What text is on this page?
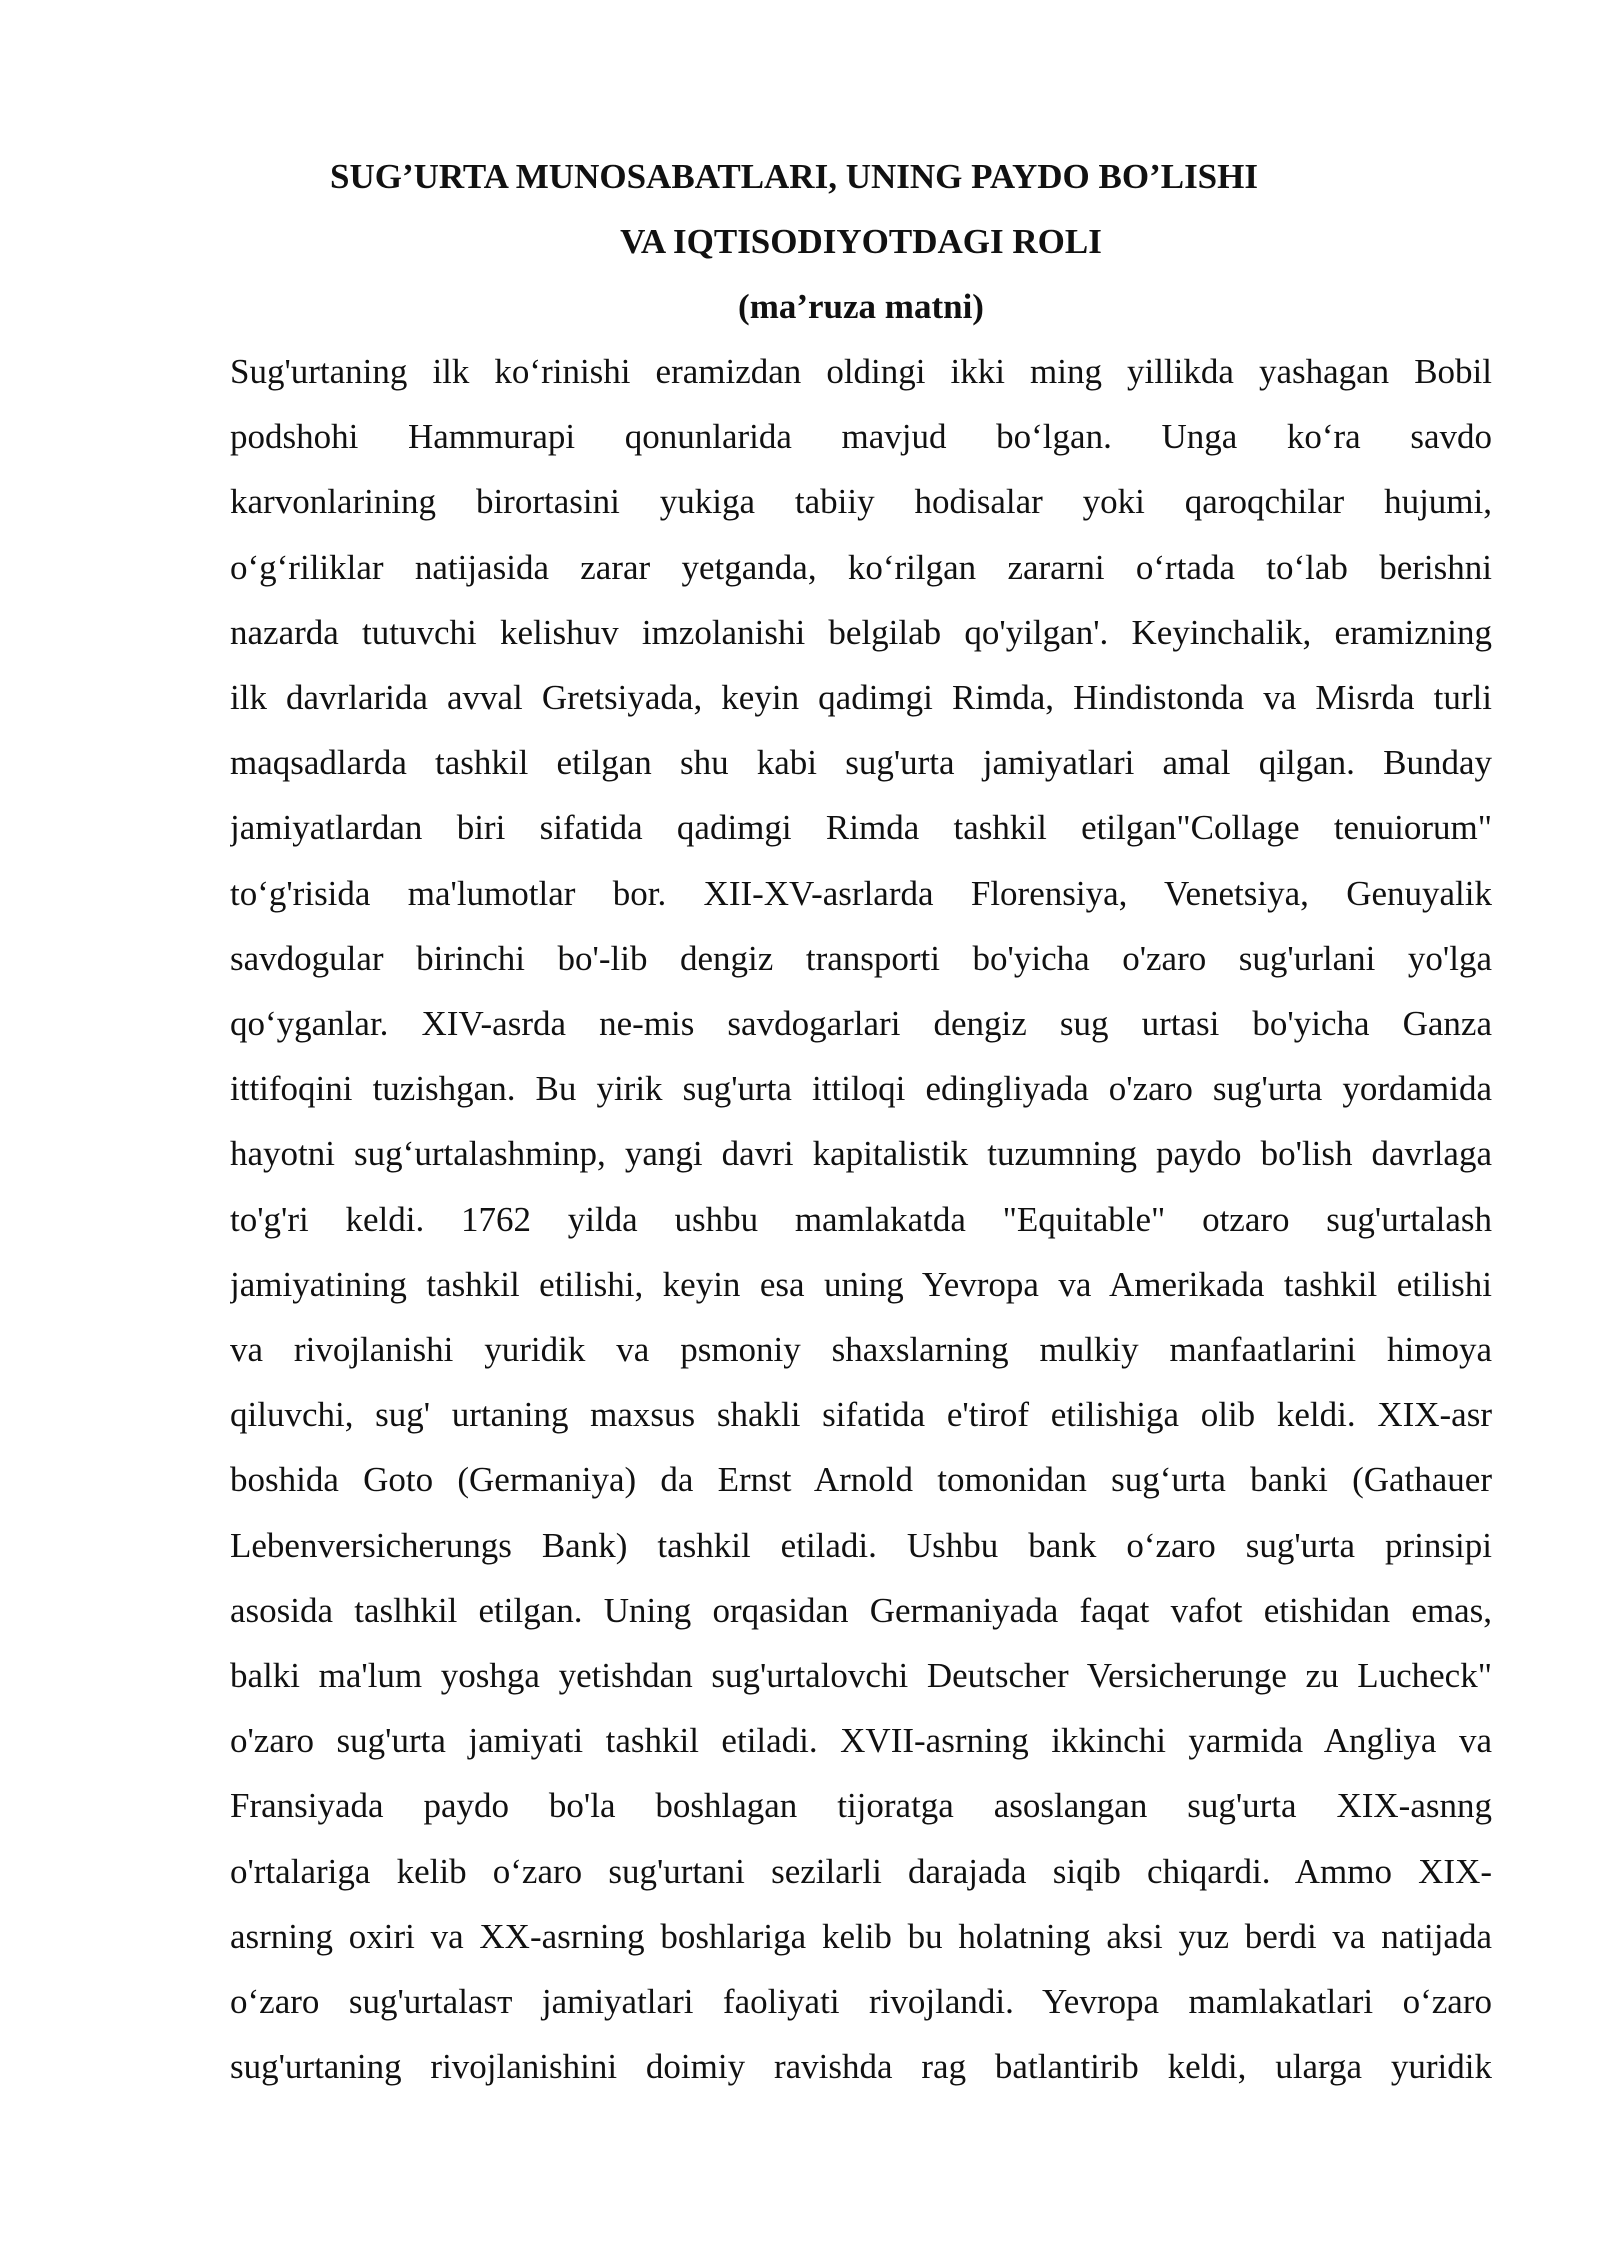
SUG’URTA MUNOSABATLARI, UNING PAYDO BO’LISHI
VA IQTISODIYOTDAGI ROLI
(ma’ruza matni)
Sug'urtaning ilk ko‘rinishi eramizdan oldingi ikki ming yillikda yashagan Bobil
podshohi Hammurapi qonunlarida mavjud bo‘lgan. Unga ko‘ra savdo
karvonlarining birortasini yukiga tabiiy hodisalar yoki qaroqchilar hujumi,
o‘g‘riliklar natijasida zarar yetganda, ko‘rilgan zararni o‘rtada to‘lab berishni
nazarda tutuvchi kelishuv imzolanishi belgilab qo'yilgan'. Keyinchalik, eramizning
ilk davrlarida avval Gretsiyada, keyin qadimgi Rimda, Hindistonda va Misrda turli
maqsadlarda tashkil etilgan shu kabi sug'urta jamiyatlari amal qilgan. Bunday
jamiyatlardan biri sifatida qadimgi Rimda tashkil etilgan"Collage tenuiorum"
to‘g'risida ma'lumotlar bor. XII-XV-asrlarda Florensiya, Venetsiya, Genuyalik
savdogular birinchi bo'-lib dengiz transporti bo'yicha o'zaro sug'urlani yo'lga
qo‘yganlar. XIV-asrda ne-mis savdogarlari dengiz sug urtasi bo'yicha Ganza
ittifoqini tuzishgan. Bu yirik sug'urta ittiloqi edingliyada o'zaro sug'urta yordamida
hayotni sug‘urtalashminp, yangi davri kapitalistik tuzumning paydo bo'lish davrlaga
to'g'ri keldi. 1762 yilda ushbu mamlakatda "Equitable" otzaro sug'urtalash
jamiyatining tashkil etilishi, keyin esa uning Yevropa va Amerikada tashkil etilishi
va rivojlanishi yuridik va psmoniy shaxslarning mulkiy manfaatlarini himoya
qiluvchi, sug' urtaning maxsus shakli sifatida e'tirof etilishiga olib keldi. XIX-asr
boshida Goto (Germaniya) da Ernst Arnold tomonidan sug‘urta banki (Gathauer
Lebenversicherungs Bank) tashkil etiladi. Ushbu bank o‘zaro sug'urta prinsipi
asosida taslhkil etilgan. Uning orqasidan Germaniyada faqat vafot etishidan emas,
balki ma'lum yoshga yetishdan sug'urtalovchi Deutscher Versicherunge zu Lucheck"
o'zaro sug'urta jamiyati tashkil etiladi. XVII-asrning ikkinchi yarmida Angliya va
Fransiyada paydo bo'la boshlagan tijoratga asoslangan sug'urta XIX-asnng
o'rtalariga kelib o‘zaro sug'urtani sezilarli darajada siqib chiqardi. Ammo XIX-
asrning oxiri va XX-asrning boshlariga kelib bu holatning aksi yuz berdi va natijada
o‘zaro sug'urtalasт jamiyatlari faoliyati rivojlandi. Yevropa mamlakatlari o‘zaro
sug'urtaning rivojlanishini doimiy ravishda rag batlantirib keldi, ularga yuridik
